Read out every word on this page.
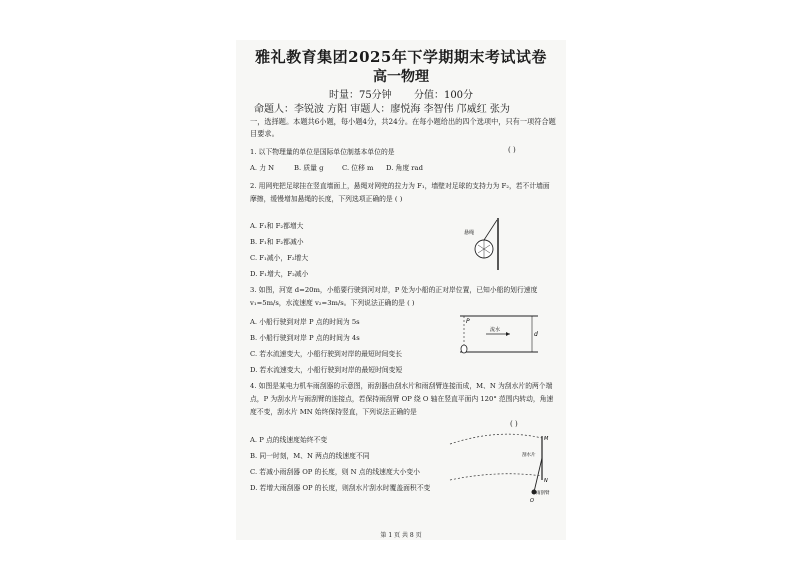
雅礼教育集团2025年下学期期末考试试卷
高一物理
时量：75分钟 分值：100分
命题人：李锐波 方阳 审题人：廖悦海 李智伟 邝威红 张为
一，选择题。本题共6小题，每小题4分，共24分。在每小题给出的四个选项中，只有一项符合题目要求。
1. 以下物理量的单位是国际单位制基本单位的是	( )
A. 力 N	B. 质量 g	C. 位移 m D. 角度 rad
2. 用网兜把足球挂在竖直墙面上，悬绳对网兜的拉力为 F₁，墙壁对足球的支持力为 F₂，若不计墙面摩擦，缓慢增加悬绳的长度，下列选项正确的是 ( )
A. F₁和 F₂都增大
B. F₁和 F₂都减小
C. F₁减小，F₂增大
D. F₁增大，F₂减小
悬绳
3. 如图，河宽 d=20m，小船要行驶到河对岸，P 处为小船的正对岸位置，已知小船的划行速度 v₁=5m/s，水流速度 v₂=3m/s。下列说法正确的是 ( )
A. 小船行驶到对岸 P 点的时间为 5s
B. 小船行驶到对岸 P 点的时间为 4s
C. 若水流速变大，小船行驶到对岸的最短时间变长
D. 若水流速变大，小船行驶到对岸的最短时间变短
P
流水
d
4. 如图是某电力机车雨刮器的示意图，雨刮器由刮水片和雨刮臂连接而成，M、N 为刮水片的两个端点，P 为刮水片与雨刮臂的连接点，若保持雨刮臂 OP 绕 O 轴在竖直平面内 120° 范围内转动，角速度不变，刮水片 MN 始终保持竖直，下列说法正确的是
( )
A. P 点的线速度始终不变
B. 同一时刻，M、N 两点的线速度不同
C. 若减小雨刮器 OP 的长度，则 N 点的线速度大小变小
D. 若增大雨刮器 OP 的长度，则刮水片刮水时覆盖面积不变
M
N
刮水片
O
雨刮臂
第 1 页 共 8 页
